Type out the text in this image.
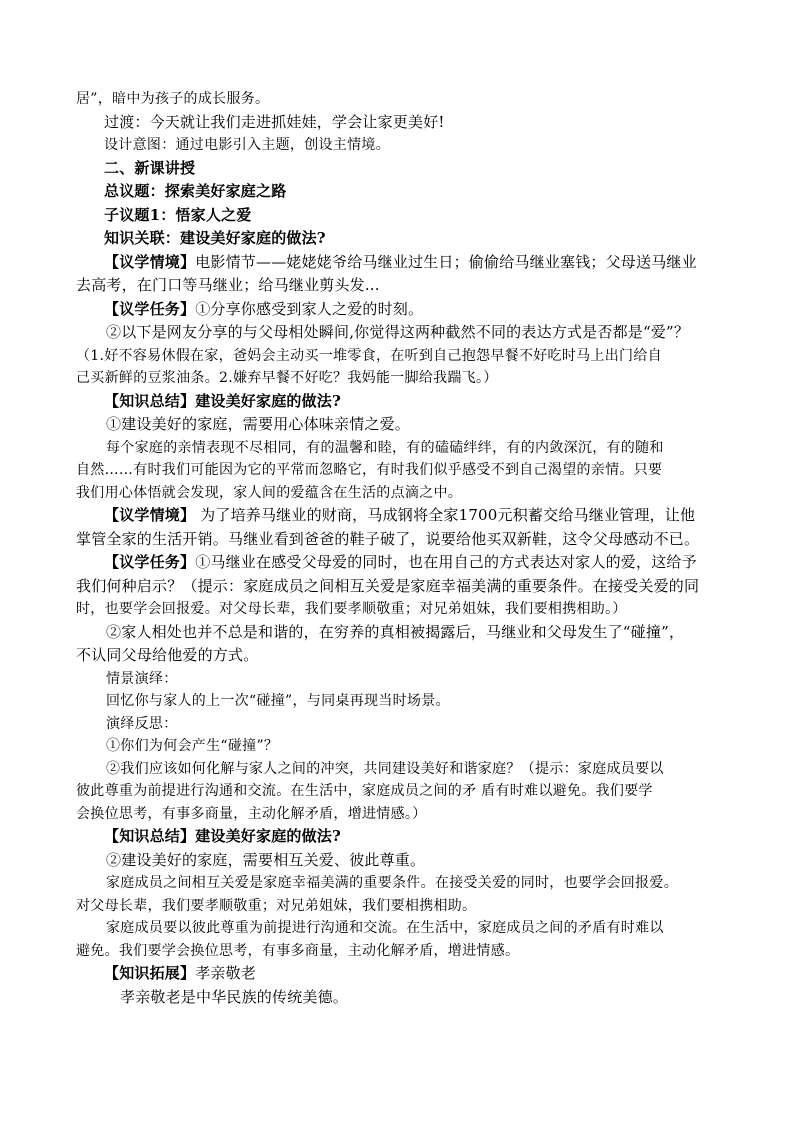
居”，暗中为孩子的成长服务。

过渡：今天就让我们走进抓娃娃，学会让家更美好!

设计意图：通过电影引入主题，创设主情境。

二、新课讲授

总议题：探索美好家庭之路

子议题1：悟家人之爱

知识关联：建设美好家庭的做法?

【议学情境】电影情节——姥姥姥爷给马继业过生日；偷偷给马继业塞钱；父母送马继业

去高考，在门口等马继业；给马继业剪头发...

【议学任务】①分享你感受到家人之爱的时刻。

②以下是网友分享的与父母相处瞬间,你觉得这两种截然不同的表达方式是否都是“爱”？

（1.好不容易休假在家，爸妈会主动买一堆零食，在听到自己抱怨早餐不好吃时马上出门给自

己买新鲜的豆浆油条。2.嫌弃早餐不好吃？我妈能一脚给我踹飞。）

【知识总结】建设美好家庭的做法?

①建设美好的家庭，需要用心体味亲情之爱。

每个家庭的亲情表现不尽相同，有的温馨和睦，有的磕磕绊绊，有的内敛深沉，有的随和

自然……有时我们可能因为它的平常而忽略它，有时我们似乎感受不到自己渴望的亲情。只要

我们用心体悟就会发现，家人间的爱蕴含在生活的点滴之中。

【议学情境】 为了培养马继业的财商，马成钢将全家1700元积蓄交给马继业管理，让他

掌管全家的生活开销。马继业看到爸爸的鞋子破了，说要给他买双新鞋，这令父母感动不已。

【议学任务】①马继业在感受父母爱的同时，也在用自己的方式表达对家人的爱，这给予

我们何种启示？（提示：家庭成员之间相互关爱是家庭幸福美满的重要条件。在接受关爱的同

时，也要学会回报爱。对父母长辈，我们要孝顺敬重；对兄弟姐妹，我们要相携相助。）

②家人相处也并不总是和谐的，在穷养的真相被揭露后，马继业和父母发生了“碰撞”，

不认同父母给他爱的方式。

情景演绎：

回忆你与家人的上一次“碰撞”，与同桌再现当时场景。

演绎反思：

①你们为何会产生“碰撞”？

②我们应该如何化解与家人之间的冲突，共同建设美好和谐家庭？（提示：家庭成员要以

彼此尊重为前提进行沟通和交流。在生活中，家庭成员之间的矛 盾有时难以避免。我们要学

会换位思考，有事多商量，主动化解矛盾，增进情感。）

【知识总结】建设美好家庭的做法?

②建设美好的家庭，需要相互关爱、彼此尊重。

家庭成员之间相互关爱是家庭幸福美满的重要条件。在接受关爱的同时，也要学会回报爱。

对父母长辈，我们要孝顺敬重；对兄弟姐妹，我们要相携相助。

家庭成员要以彼此尊重为前提进行沟通和交流。在生活中，家庭成员之间的矛盾有时难以

避免。我们要学会换位思考，有事多商量，主动化解矛盾，增进情感。

【知识拓展】孝亲敬老

孝亲敬老是中华民族的传统美德。
